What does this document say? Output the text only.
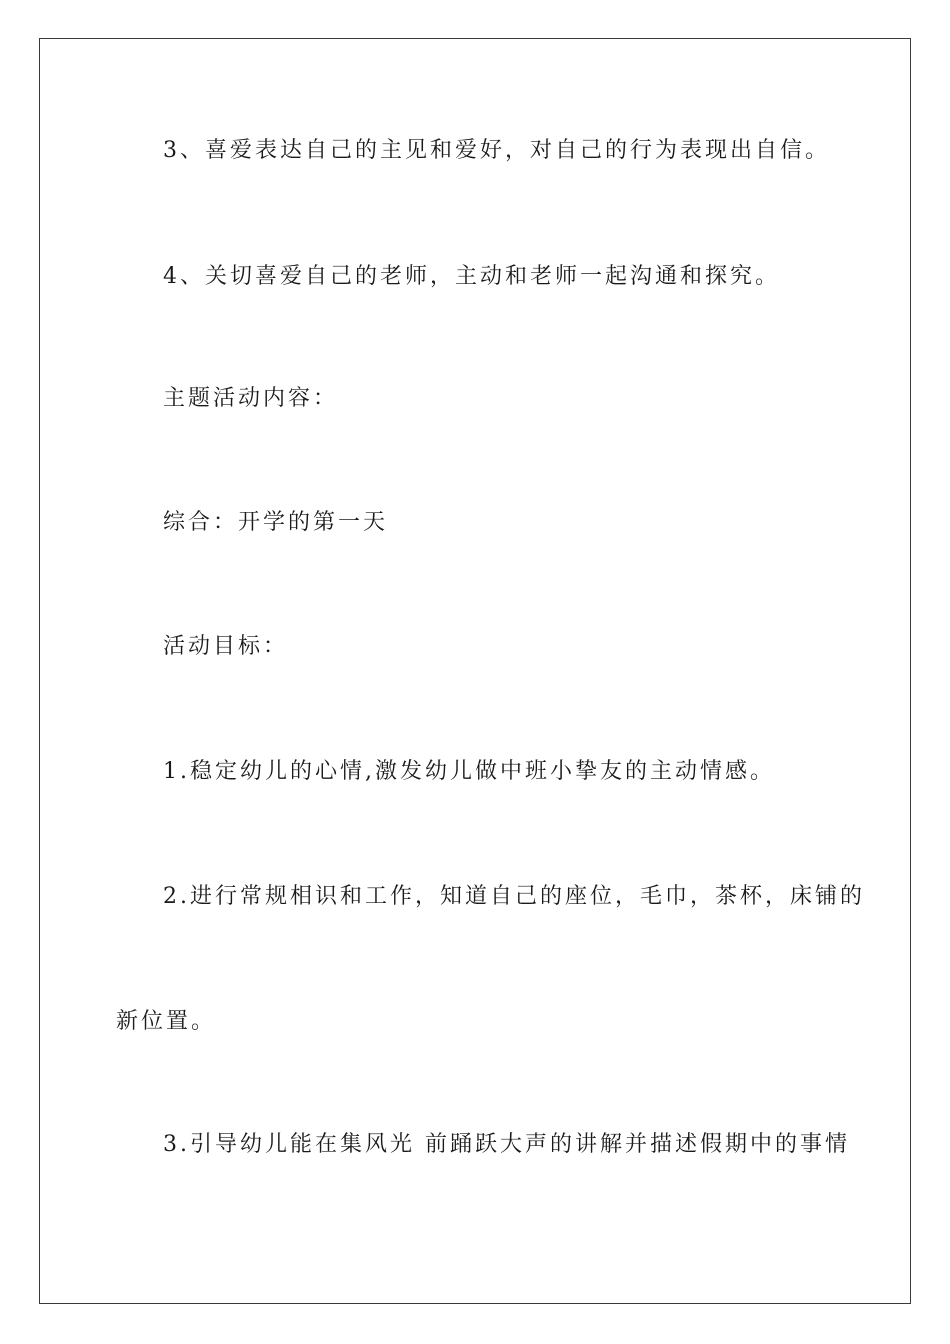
3、喜爱表达自己的主见和爱好，对自己的行为表现出自信。

4、关切喜爱自己的老师，主动和老师一起沟通和探究。

主题活动内容：

综合：开学的第一天

活动目标：

1.稳定幼儿的心情,激发幼儿做中班小挚友的主动情感。

2.进行常规相识和工作，知道自己的座位，毛巾，茶杯，床铺的

新位置。

3.引导幼儿能在集风光 前踊跃大声的讲解并描述假期中的事情
